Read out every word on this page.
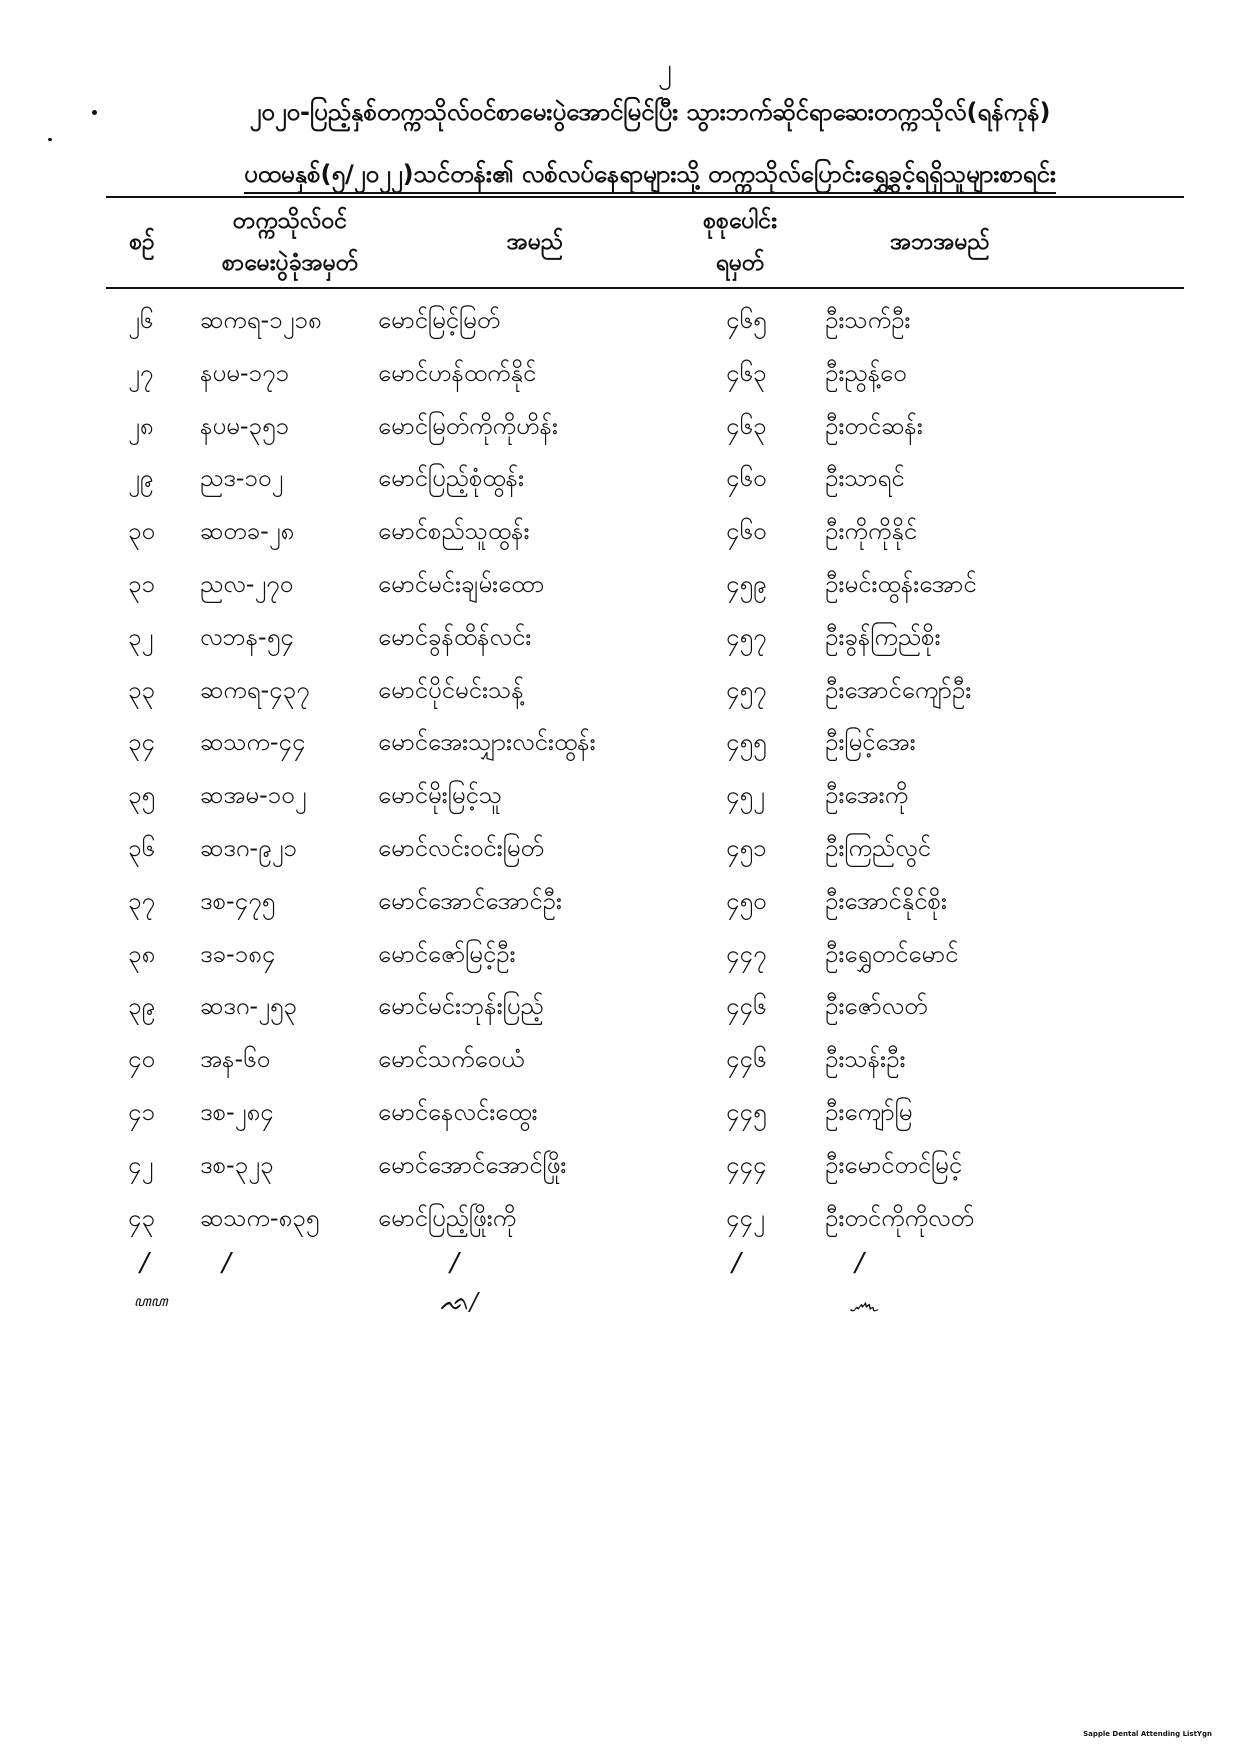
၂
၂၀၂၀-ပြည့်နှစ်တက္ကသိုလ်ဝင်စာမေးပွဲအောင်မြင်ပြီး သွားဘက်ဆိုင်ရာဆေးတက္ကသိုလ်(ရန်ကုန်)
ပထမနှစ်(၅/၂၀၂၂)သင်တန်း၏ လစ်လပ်နေရာများသို့ တက္ကသိုလ်ပြောင်းရွှေ့ခွင့်ရရှိသူများစာရင်း
စဉ်
တက္ကသိုလ်ဝင်
စာမေးပွဲခုံအမှတ်
အမည်
စုစုပေါင်း
ရမှတ်
အဘအမည်
၂၆ ဆကရ-၁၂၁၈ မောင်မြင့်မြတ်	၄၆၅ ဦးသက်ဦး
၂၇ နပမ-၁၇၁	မောင်ဟန်ထက်နိုင်	၄၆၃ ဦးညွန့်ဝေ
၂၈ နပမ-၃၅၁	မောင်မြတ်ကိုကိုဟိန်း	၄၆၃ ဦးတင်ဆန်း
၂၉ ညဒ-၁၀၂	မောင်ပြည့်စုံထွန်း	၄၆၀ ဦးသာရင်
၃၀ ဆတခ-၂၈	မောင်စည်သူထွန်း	၄၆၀ ဦးကိုကိုနိုင်
၃၁ ညလ-၂၇၀	မောင်မင်းချမ်းထော	၄၅၉ ဦးမင်းထွန်းအောင်
၃၂ လဘန-၅၄	မောင်ခွန်ထိန်လင်း	၄၅၇ ဦးခွန်ကြည်စိုး
၃၃ ဆကရ-၄၃၇	မောင်ပိုင်မင်းသန့်	၄၅၇ ဦးအောင်ကျော်ဦး
၃၄ ဆသက-၄၄	မောင်အေးသျှားလင်းထွန်း	၄၅၅ ဦးမြင့်အေး
၃၅ ဆအမ-၁၀၂	မောင်မိုးမြင့်သူ	၄၅၂	ဦးအေးကို
၃၆ ဆဒဂ-၉၂၁	မောင်လင်းဝင်းမြတ်	၄၅၁ ဦးကြည်လွင်
၃၇ ဒစ-၄၇၅	မောင်အောင်အောင်ဦး	၄၅၀ ဦးအောင်နိုင်စိုး
၃၈ ဒခ-၁၈၄	မောင်ဇော်မြင့်ဦး	၄၄၇ ဦးရွှေတင်မောင်
၃၉ ဆဒဂ-၂၅၃	မောင်မင်းဘုန်းပြည့်	၄၄၆ ဦးဇော်လတ်
၄၀ အန-၆၀	မောင်သက်ဝေယံ	၄၄၆ ဦးသန်းဦး
၄၁ ဒစ-၂၈၄	မောင်နေလင်းထွေး	၄၄၅ ဦးကျော်မြ
၄၂ ဒစ-၃၂၃	မောင်အောင်အောင်ဖြိုး	၄၄၄ ဦးမောင်တင်မြင့်
၄၃ ဆသက-၈၃၅ မောင်ပြည့်ဖြိုးကို	၄၄၂	ဦးတင်ကိုကိုလတ်
/	/	/	/	/
ꦲꦲ	ᨒ/	෴
Sapple Dental Attending ListYgn
